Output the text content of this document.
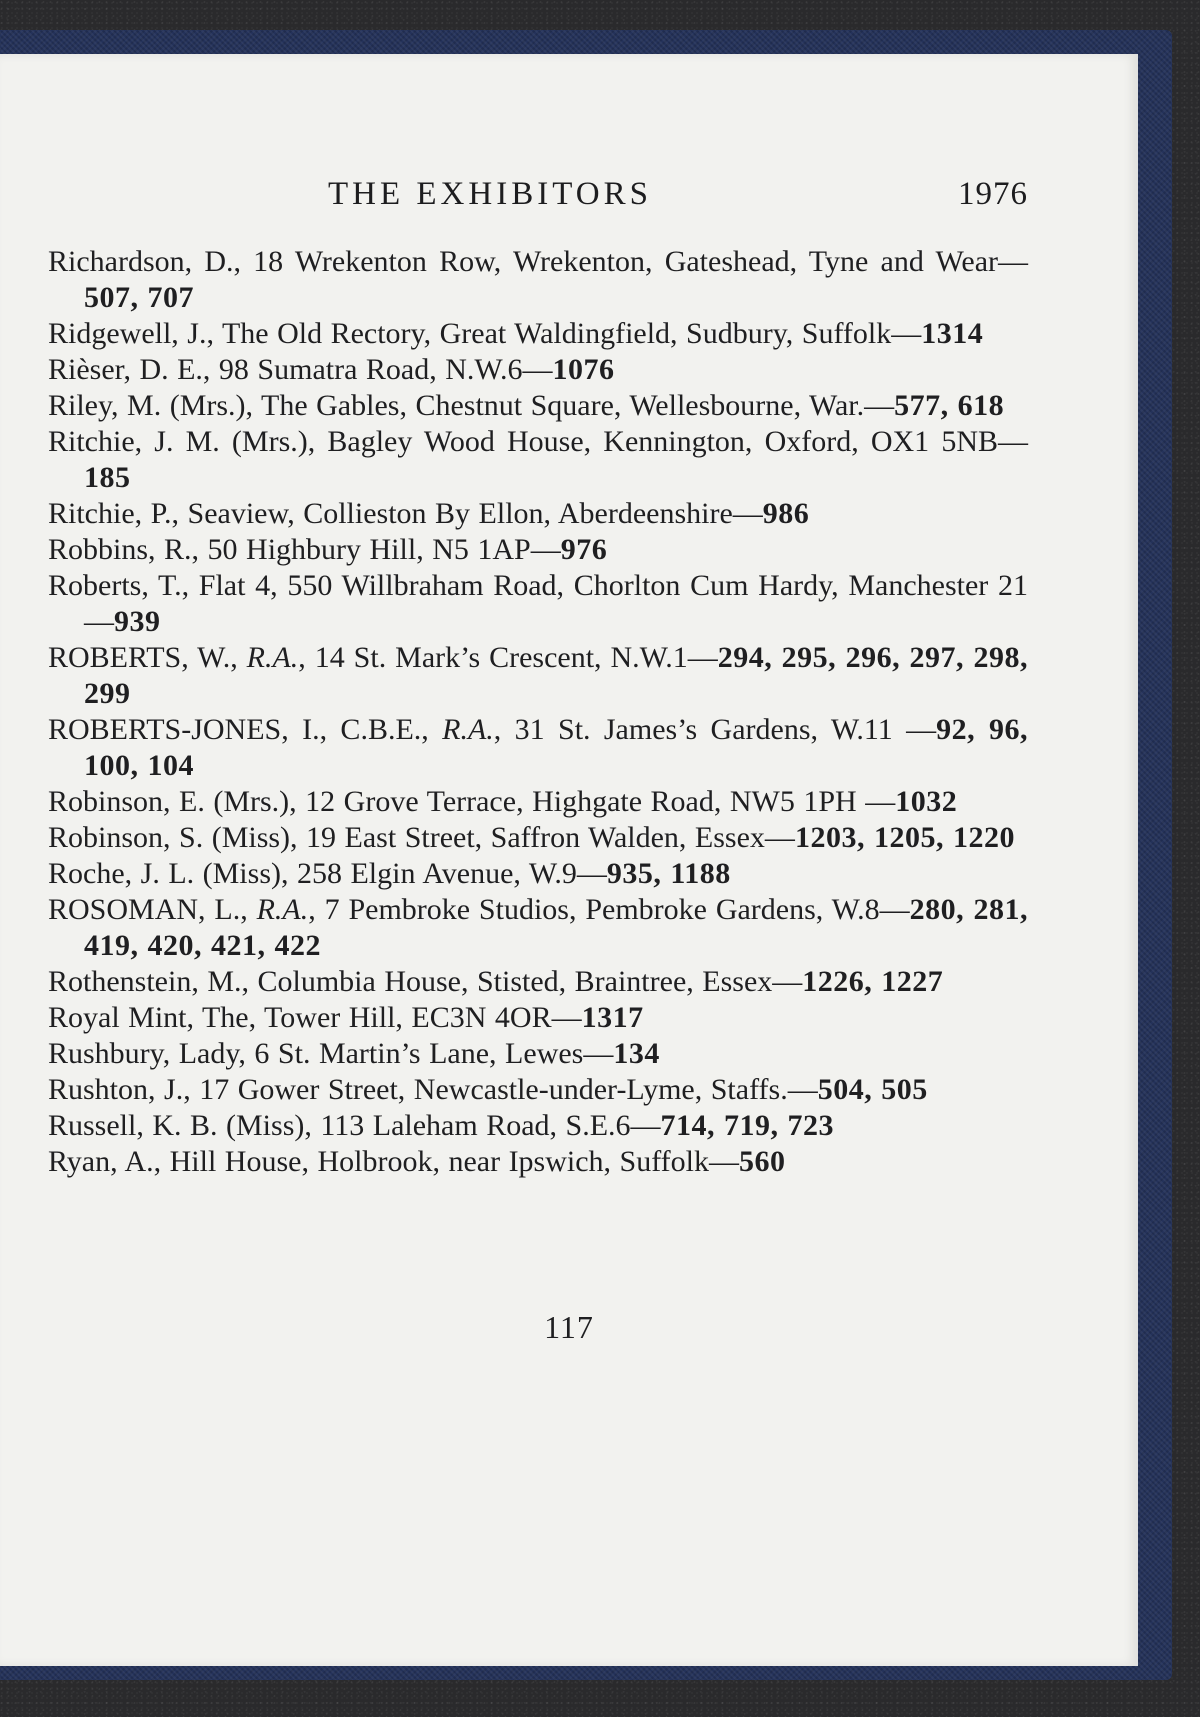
THE EXHIBITORS	1976
Richardson, D., 18 Wrekenton Row, Wrekenton, Gateshead, Tyne and Wear—507, 707
Ridgewell, J., The Old Rectory, Great Waldingfield, Sudbury, Suffolk—1314
Rièser, D. E., 98 Sumatra Road, N.W.6—1076
Riley, M. (Mrs.), The Gables, Chestnut Square, Wellesbourne, War.—577, 618
Ritchie, J. M. (Mrs.), Bagley Wood House, Kennington, Oxford, OX1 5NB—185
Ritchie, P., Seaview, Collieston By Ellon, Aberdeenshire—986
Robbins, R., 50 Highbury Hill, N5 1AP—976
Roberts, T., Flat 4, 550 Willbraham Road, Chorlton Cum Hardy, Manchester 21—939
ROBERTS, W., R.A., 14 St. Mark’s Crescent, N.W.1—294, 295, 296, 297, 298, 299
ROBERTS-JONES, I., C.B.E., R.A., 31 St. James’s Gardens, W.11 —92, 96, 100, 104
Robinson, E. (Mrs.), 12 Grove Terrace, Highgate Road, NW5 1PH —1032
Robinson, S. (Miss), 19 East Street, Saffron Walden, Essex—1203, 1205, 1220
Roche, J. L. (Miss), 258 Elgin Avenue, W.9—935, 1188
ROSOMAN, L., R.A., 7 Pembroke Studios, Pembroke Gardens, W.8—280, 281, 419, 420, 421, 422
Rothenstein, M., Columbia House, Stisted, Braintree, Essex—1226, 1227
Royal Mint, The, Tower Hill, EC3N 4OR—1317
Rushbury, Lady, 6 St. Martin’s Lane, Lewes—134
Rushton, J., 17 Gower Street, Newcastle-under-Lyme, Staffs.—504, 505
Russell, K. B. (Miss), 113 Laleham Road, S.E.6—714, 719, 723
Ryan, A., Hill House, Holbrook, near Ipswich, Suffolk—560
117
